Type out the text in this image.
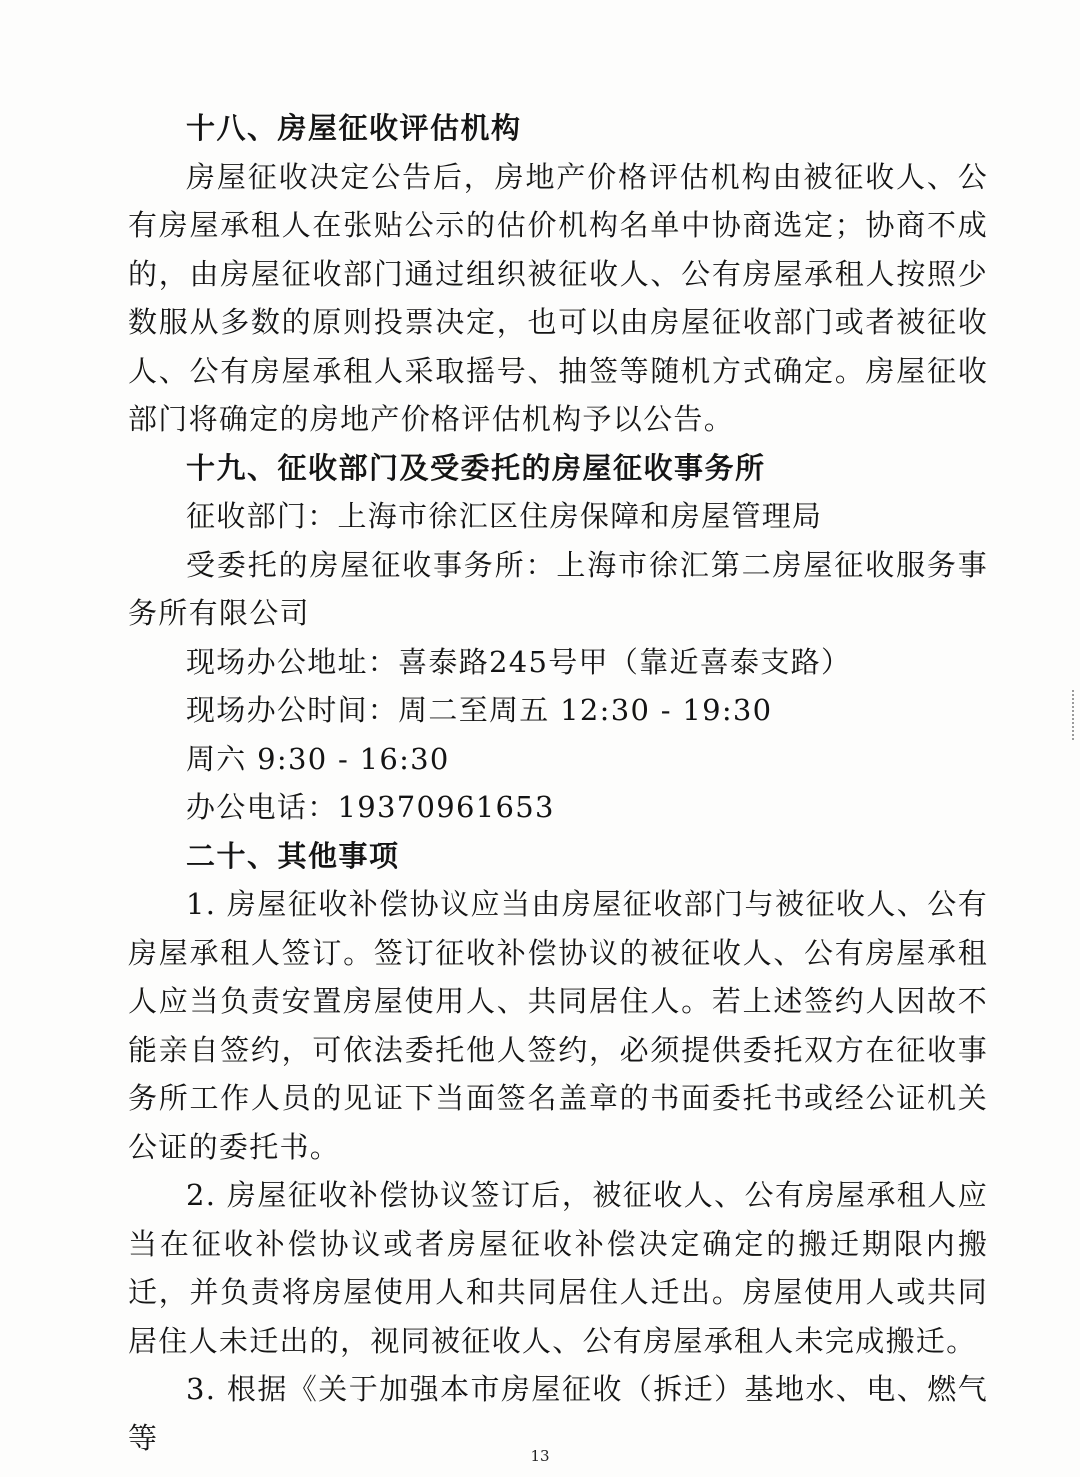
十八、房屋征收评估机构

房屋征收决定公告后，房地产价格评估机构由被征收人、公有房屋承租人在张贴公示的估价机构名单中协商选定；协商不成的，由房屋征收部门通过组织被征收人、公有房屋承租人按照少数服从多数的原则投票决定，也可以由房屋征收部门或者被征收人、公有房屋承租人采取摇号、抽签等随机方式确定。房屋征收部门将确定的房地产价格评估机构予以公告。

十九、征收部门及受委托的房屋征收事务所

征收部门：上海市徐汇区住房保障和房屋管理局

受委托的房屋征收事务所：上海市徐汇第二房屋征收服务事务所有限公司

现场办公地址：喜泰路245号甲（靠近喜泰支路）

现场办公时间：周二至周五 12:30 - 19:30

周六 9:30 - 16:30

办公电话：19370961653

二十、其他事项

1. 房屋征收补偿协议应当由房屋征收部门与被征收人、公有房屋承租人签订。签订征收补偿协议的被征收人、公有房屋承租人应当负责安置房屋使用人、共同居住人。若上述签约人因故不能亲自签约，可依法委托他人签约，必须提供委托双方在征收事务所工作人员的见证下当面签名盖章的书面委托书或经公证机关公证的委托书。

2. 房屋征收补偿协议签订后，被征收人、公有房屋承租人应当在征收补偿协议或者房屋征收补偿决定确定的搬迁期限内搬迁，并负责将房屋使用人和共同居住人迁出。房屋使用人或共同居住人未迁出的，视同被征收人、公有房屋承租人未完成搬迁。

3. 根据《关于加强本市房屋征收（拆迁）基地水、电、燃气等

13
